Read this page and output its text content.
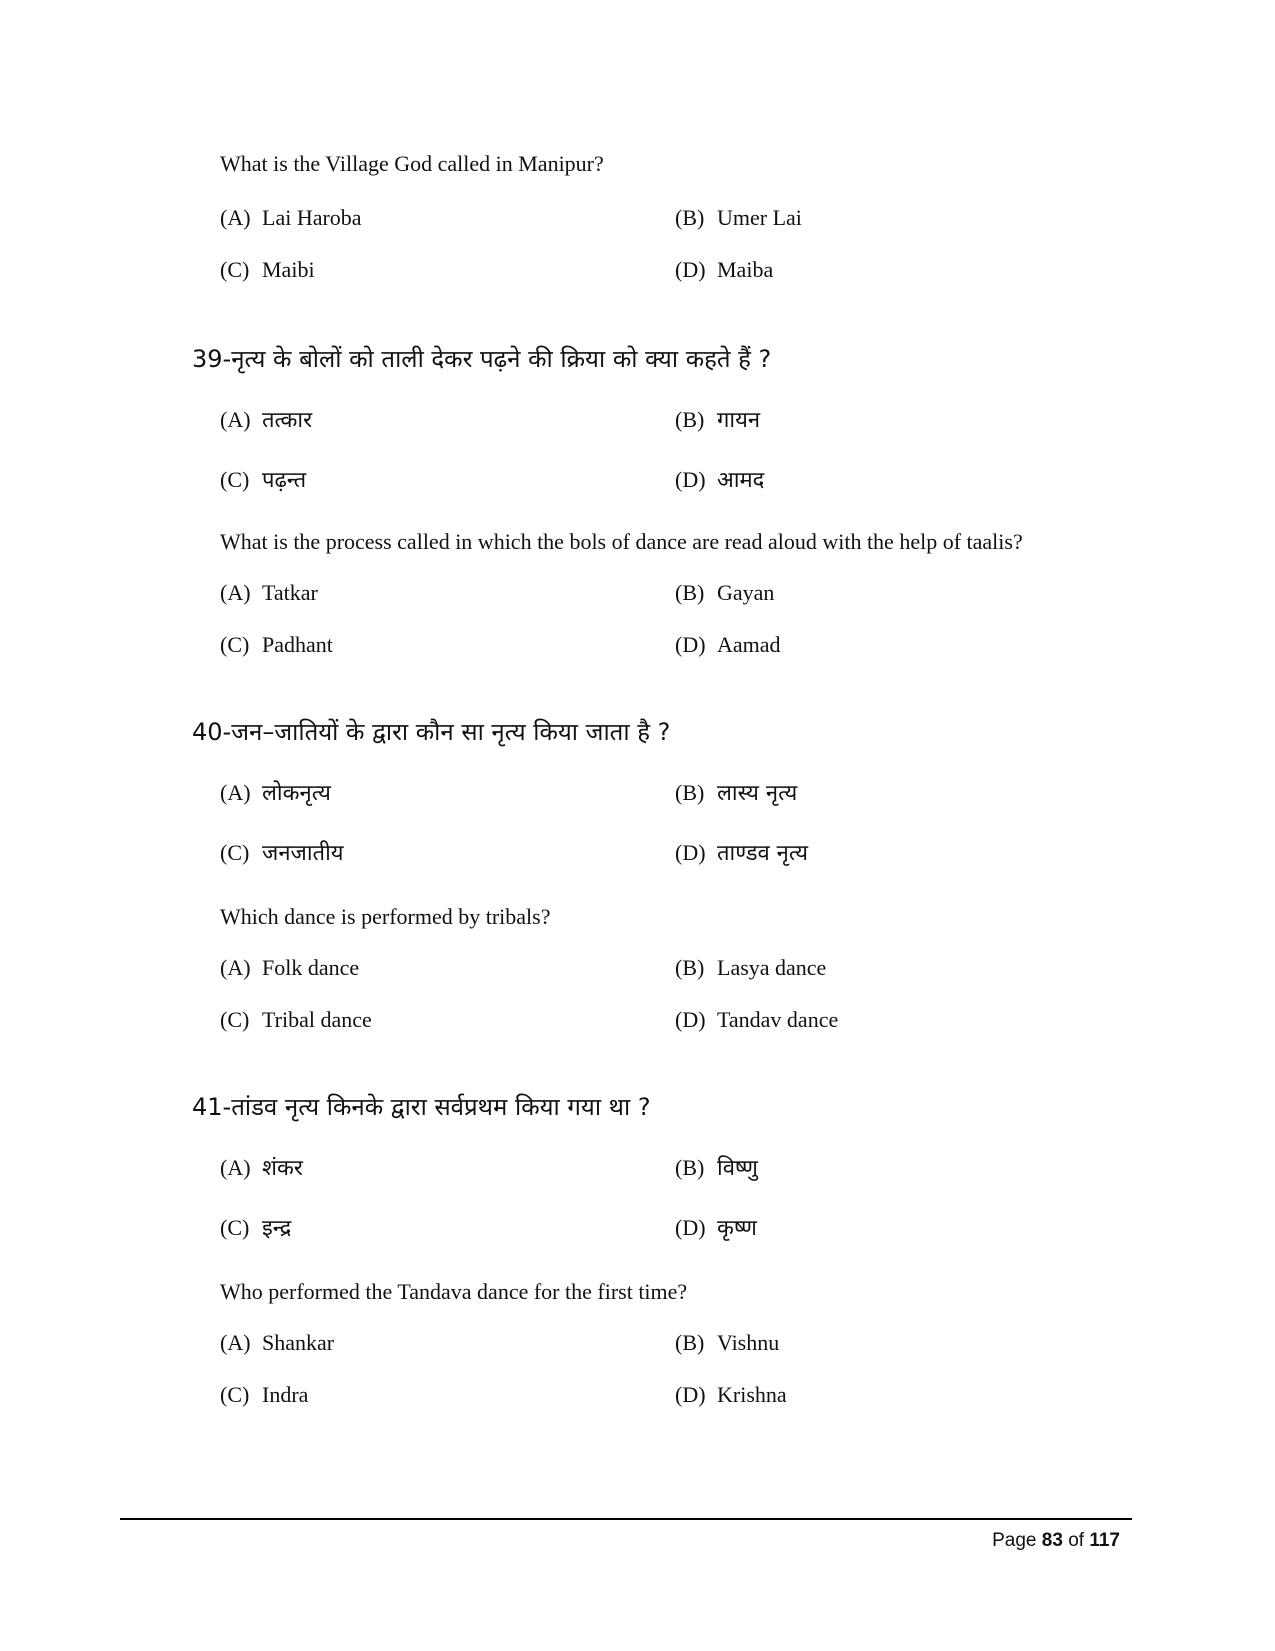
What is the Village God called in Manipur?
(A) Lai Haroba	(B) Umer Lai
(C) Maibi	(D) Maiba
39-नृत्य के बोलों को ताली देकर पढ़ने की क्रिया को क्या कहते हैं ?
(A) तत्कार	(B) गायन
(C) पढ़न्त	(D) आमद
What is the process called in which the bols of dance are read aloud with the help of taalis?
(A) Tatkar	(B) Gayan
(C) Padhant	(D) Aamad
40-जन–जातियों के द्वारा कौन सा नृत्य किया जाता है ?
(A) लोकनृत्य	(B) लास्य नृत्य
(C) जनजातीय	(D) ताण्डव नृत्य
Which dance is performed by tribals?
(A) Folk dance	(B) Lasya dance
(C) Tribal dance	(D) Tandav dance
41-तांडव नृत्य किनके द्वारा सर्वप्रथम किया गया था ?
(A) शंकर	(B) विष्णु
(C) इन्द्र	(D) कृष्ण
Who performed the Tandava dance for the first time?
(A) Shankar	(B) Vishnu
(C) Indra	(D) Krishna
Page 83 of 117
